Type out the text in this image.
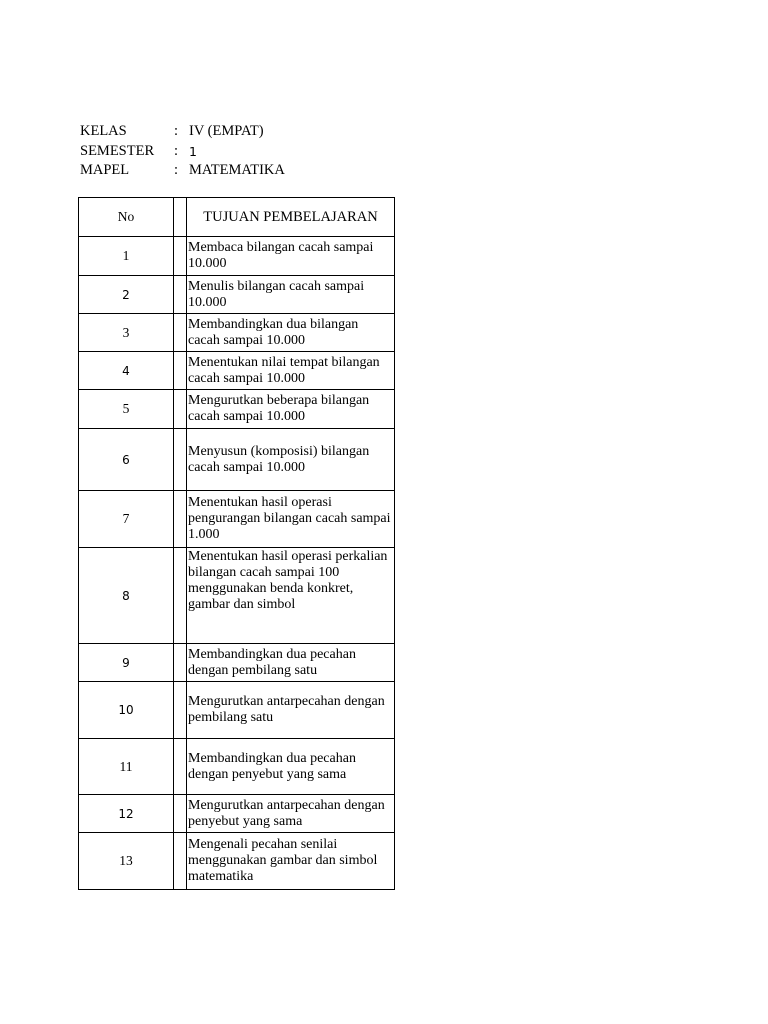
KELAS	: IV (EMPAT)
SEMESTER	: 1
MAPEL	: MATEMATIKA
No		TUJUAN PEMBELAJARAN
1		Membaca bilangan cacah sampai 10.000
2		Menulis bilangan cacah sampai 10.000
3		Membandingkan dua bilangan cacah sampai 10.000
4		Menentukan nilai tempat bilangan cacah sampai 10.000
5		Mengurutkan beberapa bilangan cacah sampai 10.000
6		Menyusun (komposisi) bilangan cacah sampai 10.000
7		Menentukan hasil operasi pengurangan bilangan cacah sampai 1.000
8		Menentukan hasil operasi perkalian bilangan cacah sampai 100 menggunakan benda konkret, gambar dan simbol
9		Membandingkan dua pecahan dengan pembilang satu
10		Mengurutkan antarpecahan dengan pembilang satu
11		Membandingkan dua pecahan dengan penyebut yang sama
12		Mengurutkan antarpecahan dengan penyebut yang sama
13		Mengenali pecahan senilai menggunakan gambar dan simbol matematika
